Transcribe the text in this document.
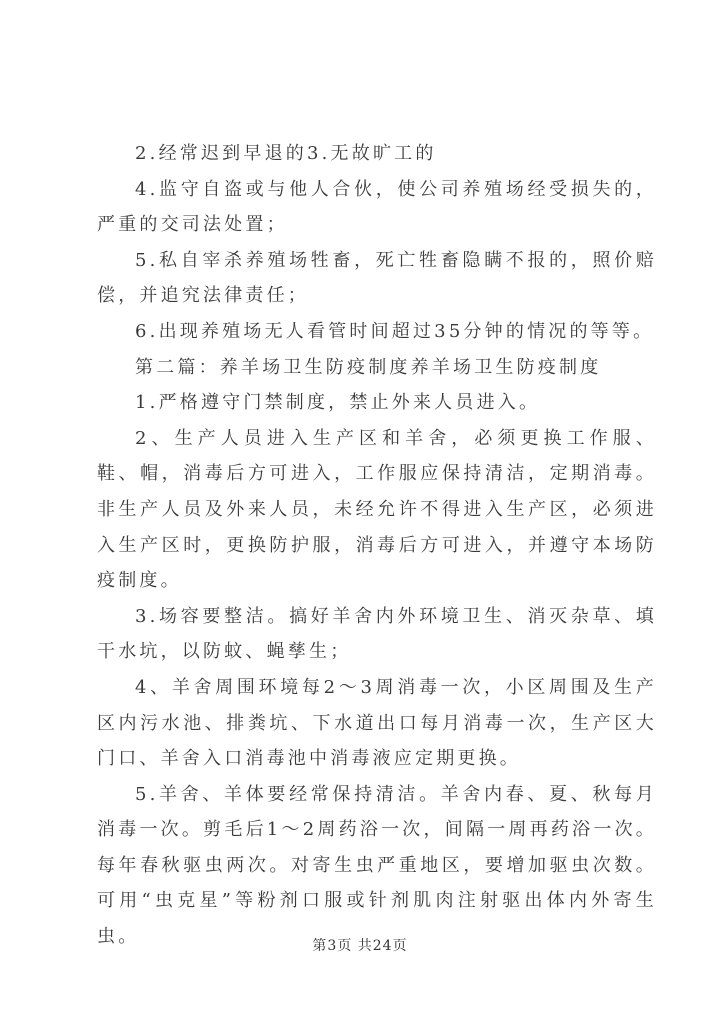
2.经常迟到早退的3.无故旷工的

4.监守自盗或与他人合伙，使公司养殖场经受损失的，严重的交司法处置；

5.私自宰杀养殖场牲畜，死亡牲畜隐瞒不报的，照价赔偿，并追究法律责任；

6.出现养殖场无人看管时间超过35分钟的情况的等等。

第二篇：养羊场卫生防疫制度养羊场卫生防疫制度

1.严格遵守门禁制度，禁止外来人员进入。

2、生产人员进入生产区和羊舍，必须更换工作服、鞋、帽，消毒后方可进入，工作服应保持清洁，定期消毒。非生产人员及外来人员，未经允许不得进入生产区，必须进入生产区时，更换防护服，消毒后方可进入，并遵守本场防疫制度。

3.场容要整洁。搞好羊舍内外环境卫生、消灭杂草、填干水坑，以防蚊、蝇孳生；

4、羊舍周围环境每2～3周消毒一次，小区周围及生产区内污水池、排粪坑、下水道出口每月消毒一次，生产区大门口、羊舍入口消毒池中消毒液应定期更换。

5.羊舍、羊体要经常保持清洁。羊舍内春、夏、秋每月消毒一次。剪毛后1～2周药浴一次，间隔一周再药浴一次。每年春秋驱虫两次。对寄生虫严重地区，要增加驱虫次数。可用“虫克星”等粉剂口服或针剂肌肉注射驱出体内外寄生虫。	第3页 共24页
